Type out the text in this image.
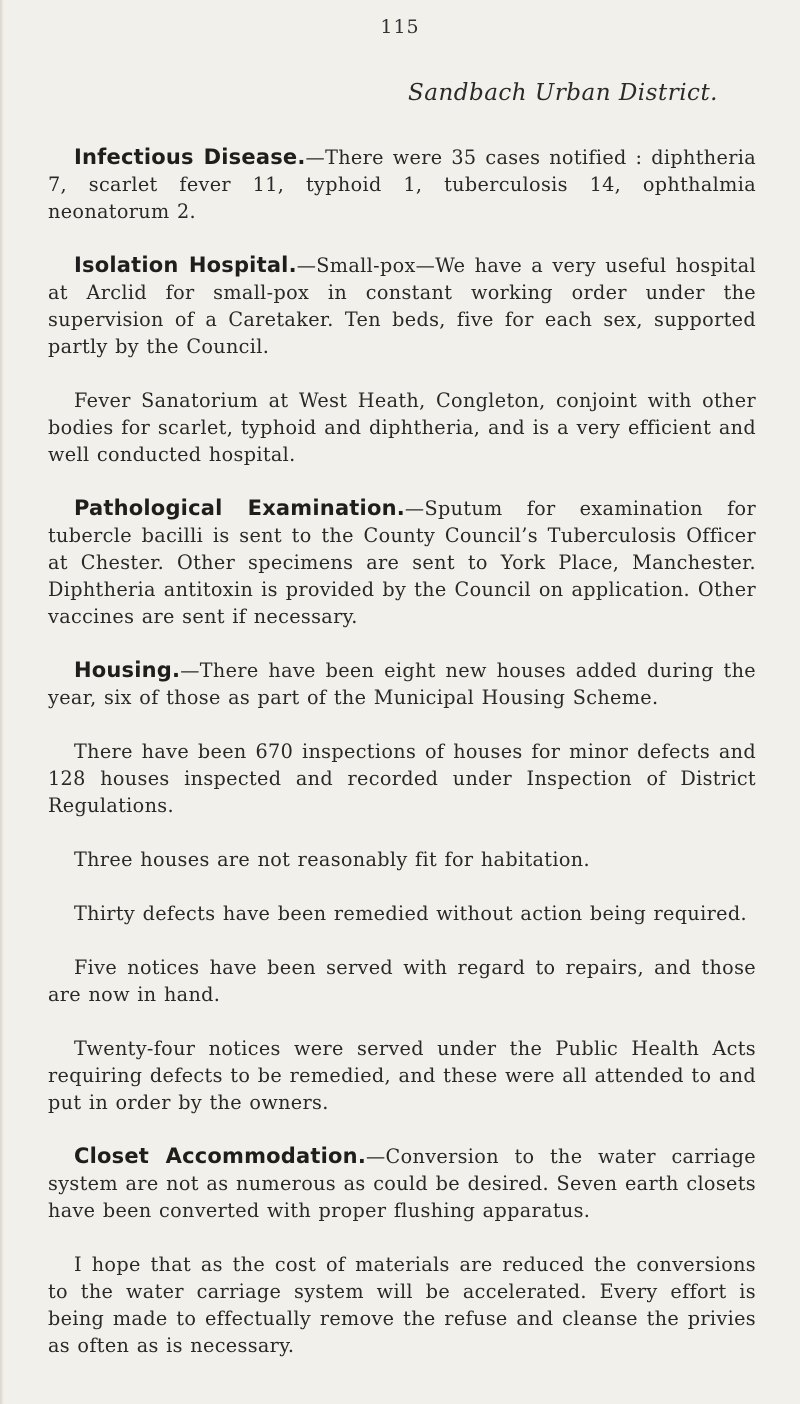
115
Sandbach Urban District.

Infectious Disease.—There were 35 cases notified : diphtheria 7, scarlet fever 11, typhoid 1, tuberculosis 14, ophthalmia neonatorum 2.

Isolation Hospital.—Small-pox—We have a very useful hospital at Arclid for small-pox in constant working order under the supervision of a Caretaker. Ten beds, five for each sex, supported partly by the Council.

Fever Sanatorium at West Heath, Congleton, conjoint with other bodies for scarlet, typhoid and diphtheria, and is a very efficient and well conducted hospital.

Pathological Examination.—Sputum for examination for tubercle bacilli is sent to the County Council’s Tuberculosis Officer at Chester. Other specimens are sent to York Place, Manchester. Diphtheria antitoxin is provided by the Council on application. Other vaccines are sent if necessary.

Housing.—There have been eight new houses added during the year, six of those as part of the Municipal Housing Scheme.

There have been 670 inspections of houses for minor defects and 128 houses inspected and recorded under Inspection of District Regulations.

Three houses are not reasonably fit for habitation.

Thirty defects have been remedied without action being required.

Five notices have been served with regard to repairs, and those are now in hand.

Twenty-four notices were served under the Public Health Acts requiring defects to be remedied, and these were all attended to and put in order by the owners.

Closet Accommodation.—Conversion to the water carriage system are not as numerous as could be desired. Seven earth closets have been converted with proper flushing apparatus.

I hope that as the cost of materials are reduced the conversions to the water carriage system will be accelerated. Every effort is being made to effectually remove the refuse and cleanse the privies as often as is necessary.
